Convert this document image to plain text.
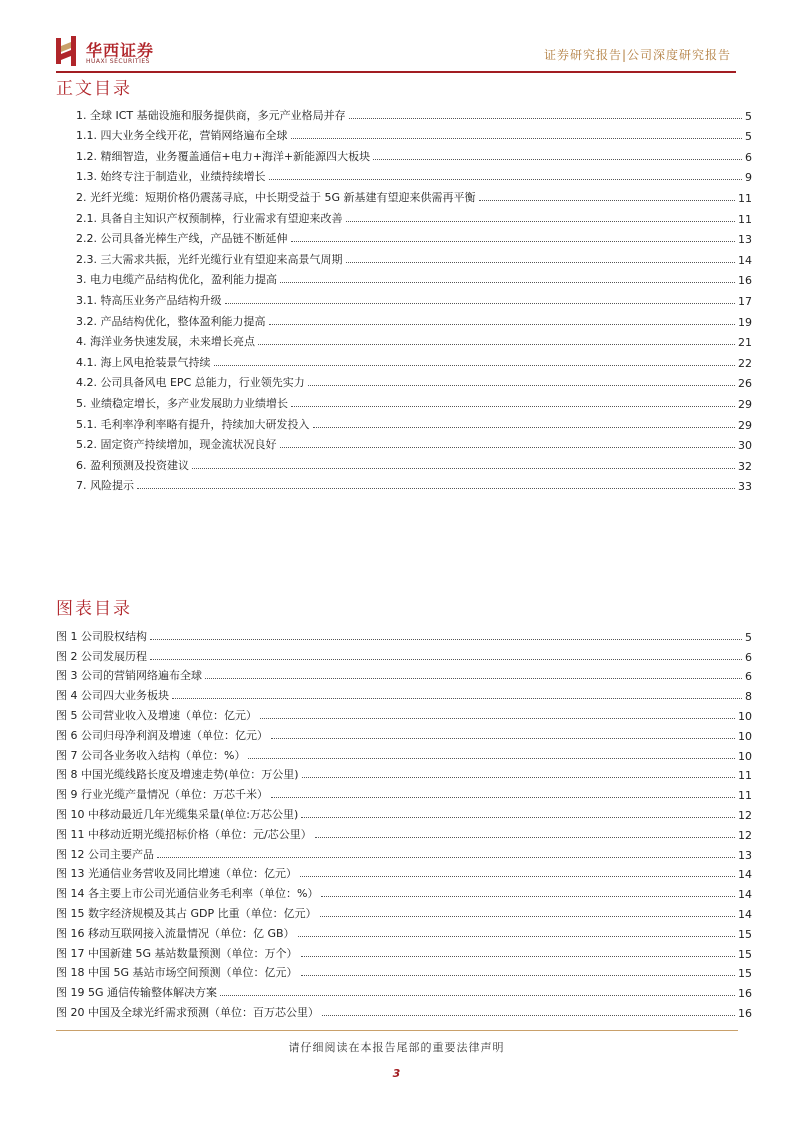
华西证券
HUAXI SECURITIES	证券研究报告|公司深度研究报告
正文目录
1. 全球 ICT 基础设施和服务提供商，多元产业格局并存	5
1.1. 四大业务全线开花，营销网络遍布全球	5
1.2. 精细智造，业务覆盖通信+电力+海洋+新能源四大板块	6
1.3. 始终专注于制造业，业绩持续增长	9
2. 光纤光缆：短期价格仍震荡寻底，中长期受益于 5G 新基建有望迎来供需再平衡	11
2.1. 具备自主知识产权预制棒，行业需求有望迎来改善	11
2.2. 公司具备光棒生产线，产品链不断延伸	13
2.3. 三大需求共振，光纤光缆行业有望迎来高景气周期	14
3. 电力电缆产品结构优化，盈利能力提高	16
3.1. 特高压业务产品结构升级	17
3.2. 产品结构优化，整体盈利能力提高	19
4. 海洋业务快速发展，未来增长亮点	21
4.1. 海上风电抢装景气持续	22
4.2. 公司具备风电 EPC 总能力，行业领先实力	26
5. 业绩稳定增长，多产业发展助力业绩增长	29
5.1. 毛利率净利率略有提升，持续加大研发投入	29
5.2. 固定资产持续增加，现金流状况良好	30
6. 盈利预测及投资建议	32
7. 风险提示	33
图表目录
图 1 公司股权结构	5
图 2 公司发展历程	6
图 3 公司的营销网络遍布全球	6
图 4 公司四大业务板块	8
图 5 公司营业收入及增速（单位：亿元）	10
图 6 公司归母净利润及增速（单位：亿元）	10
图 7 公司各业务收入结构（单位：%）	10
图 8 中国光缆线路长度及增速走势(单位：万公里)	11
图 9 行业光缆产量情况（单位：万芯千米）	11
图 10 中移动最近几年光缆集采量(单位:万芯公里)	12
图 11 中移动近期光缆招标价格（单位：元/芯公里）	12
图 12 公司主要产品	13
图 13 光通信业务营收及同比增速（单位：亿元）	14
图 14 各主要上市公司光通信业务毛利率（单位：%）	14
图 15 数字经济规模及其占 GDP 比重（单位：亿元）	14
图 16 移动互联网接入流量情况（单位：亿 GB）	15
图 17 中国新建 5G 基站数量预测（单位：万个）	15
图 18 中国 5G 基站市场空间预测（单位：亿元）	15
图 19 5G 通信传输整体解决方案	16
图 20 中国及全球光纤需求预测（单位：百万芯公里）	16
请仔细阅读在本报告尾部的重要法律声明
3
